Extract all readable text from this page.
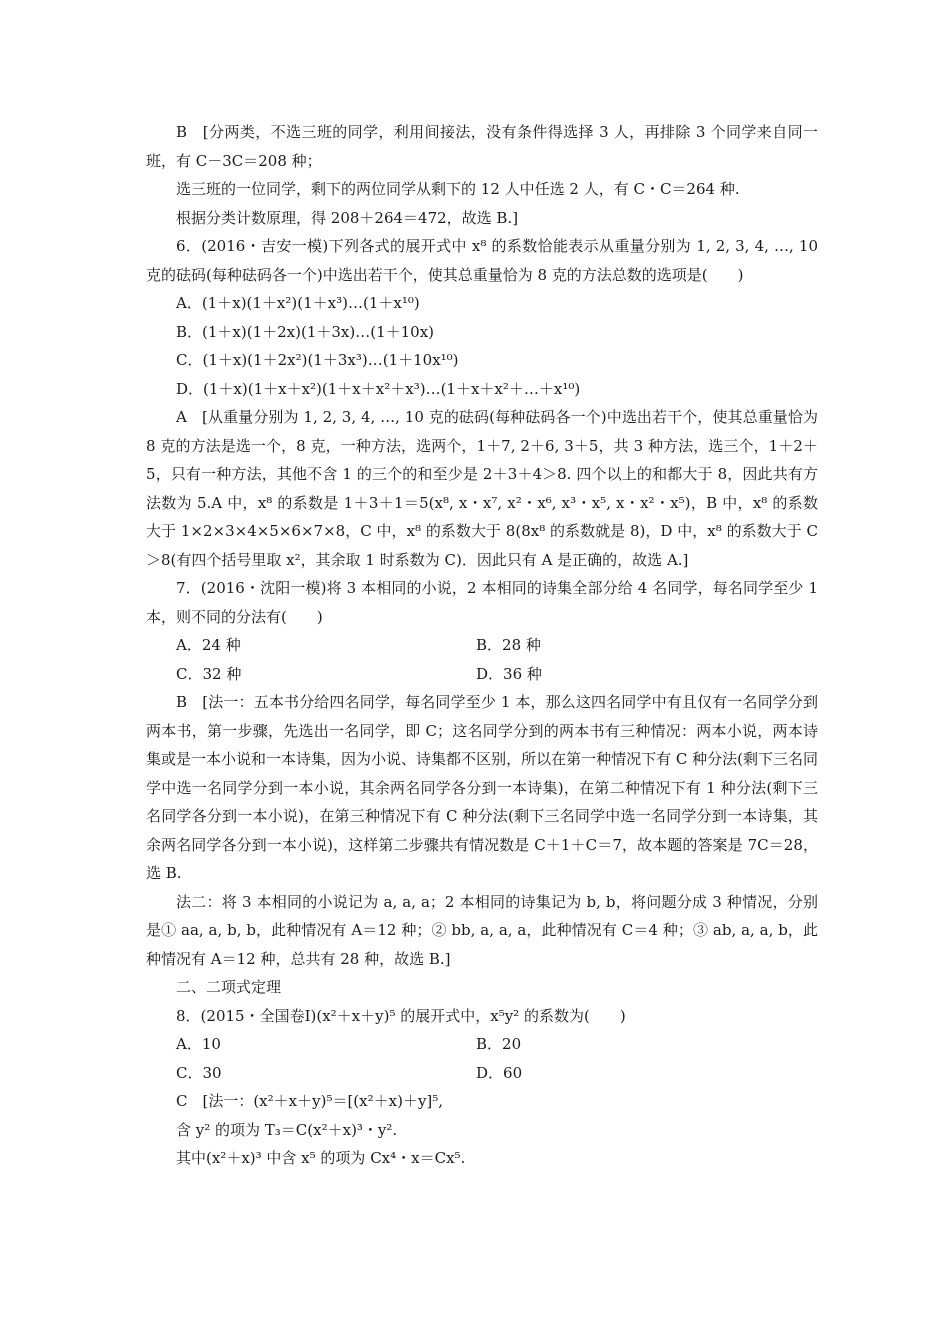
B　[分两类，不选三班的同学，利用间接法，没有条件得选择 3 人，再排除 3 个同学来自同一班，有 C－3C＝208 种；

选三班的一位同学，剩下的两位同学从剩下的 12 人中任选 2 人，有 C・C＝264 种.

根据分类计数原理，得 208＋264＝472，故选 B.]

6．(2016・吉安一模)下列各式的展开式中 x⁸ 的系数恰能表示从重量分别为 1, 2, 3, 4, …, 10 克的砝码(每种砝码各一个)中选出若干个，使其总重量恰为 8 克的方法总数的选项是(　　)

A．(1＋x)(1＋x²)(1＋x³)…(1＋x¹⁰)

B．(1＋x)(1＋2x)(1＋3x)…(1＋10x)

C．(1＋x)(1＋2x²)(1＋3x³)…(1＋10x¹⁰)

D．(1＋x)(1＋x＋x²)(1＋x＋x²＋x³)…(1＋x＋x²＋…＋x¹⁰)

A　[从重量分别为 1, 2, 3, 4, …, 10 克的砝码(每种砝码各一个)中选出若干个，使其总重量恰为 8 克的方法是选一个，8 克，一种方法，选两个，1＋7, 2＋6, 3＋5，共 3 种方法，选三个，1＋2＋5，只有一种方法，其他不含 1 的三个的和至少是 2＋3＋4＞8. 四个以上的和都大于 8，因此共有方法数为 5.A 中，x⁸ 的系数是 1＋3＋1＝5(x⁸, x・x⁷, x²・x⁶, x³・x⁵, x・x²・x⁵)，B 中，x⁸ 的系数大于 1×2×3×4×5×6×7×8，C 中，x⁸ 的系数大于 8(8x⁸ 的系数就是 8)，D 中，x⁸ 的系数大于 C＞8(有四个括号里取 x²，其余取 1 时系数为 C)．因此只有 A 是正确的，故选 A.]

7．(2016・沈阳一模)将 3 本相同的小说，2 本相同的诗集全部分给 4 名同学，每名同学至少 1 本，则不同的分法有(　　)

A．24 种	B．28 种
C．32 种	D．36 种

B　[法一：五本书分给四名同学，每名同学至少 1 本，那么这四名同学中有且仅有一名同学分到两本书，第一步骤，先选出一名同学，即 C；这名同学分到的两本书有三种情况：两本小说，两本诗集或是一本小说和一本诗集，因为小说、诗集都不区别，所以在第一种情况下有 C 种分法(剩下三名同学中选一名同学分到一本小说，其余两名同学各分到一本诗集)，在第二种情况下有 1 种分法(剩下三名同学各分到一本小说)，在第三种情况下有 C 种分法(剩下三名同学中选一名同学分到一本诗集，其余两名同学各分到一本小说)，这样第二步骤共有情况数是 C＋1＋C＝7，故本题的答案是 7C＝28，选 B.

法二：将 3 本相同的小说记为 a, a, a；2 本相同的诗集记为 b, b，将问题分成 3 种情况，分别是① aa, a, b, b，此种情况有 A＝12 种；② bb, a, a, a，此种情况有 C＝4 种；③ ab, a, a, b，此种情况有 A＝12 种，总共有 28 种，故选 B.]

二、二项式定理

8．(2015・全国卷Ⅰ)(x²＋x＋y)⁵ 的展开式中，x⁵y² 的系数为(　　)

A．10	B．20
C．30	D．60

C　[法一：(x²＋x＋y)⁵＝[(x²＋x)＋y]⁵,

含 y² 的项为 T₃＝C(x²＋x)³・y².

其中(x²＋x)³ 中含 x⁵ 的项为 Cx⁴・x＝Cx⁵.
